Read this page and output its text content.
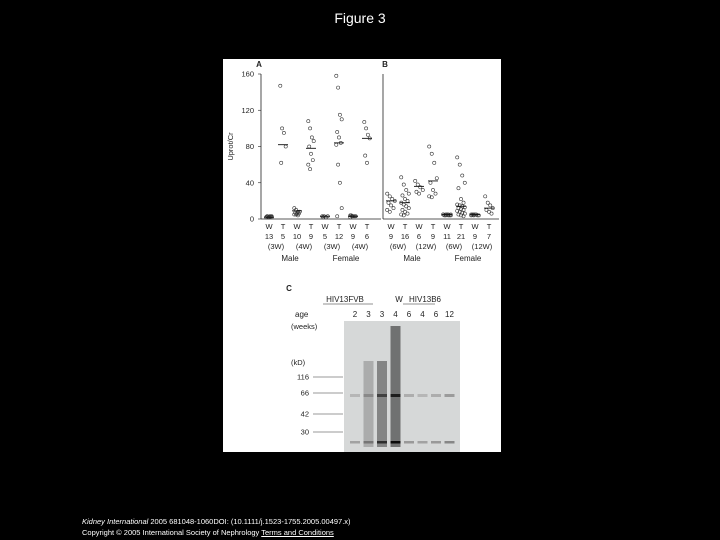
Figure 3
A
0
40
80
120
160
Uprot/Cr
W
13
(3W)
T
5
W
10
(4W)
T
9
W
5
(3W)
T
12
W
9
(4W)
T
6
Male	Female
B
W
9
(6W)
T
16
W
6
(12W)
T
9
W
11
(6W)
T
21
W
9
(12W)
T
7
Male	Female
C
HIV13FVB	W HIV13B6
age
(weeks)
2 3 3 4 6 4 6 12
(kD)
116
66
42
30
Kidney International 2005 681048-1060DOI: (10.1111/j.1523-1755.2005.00497.x)
Copyright © 2005 International Society of Nephrology Terms and Conditions
